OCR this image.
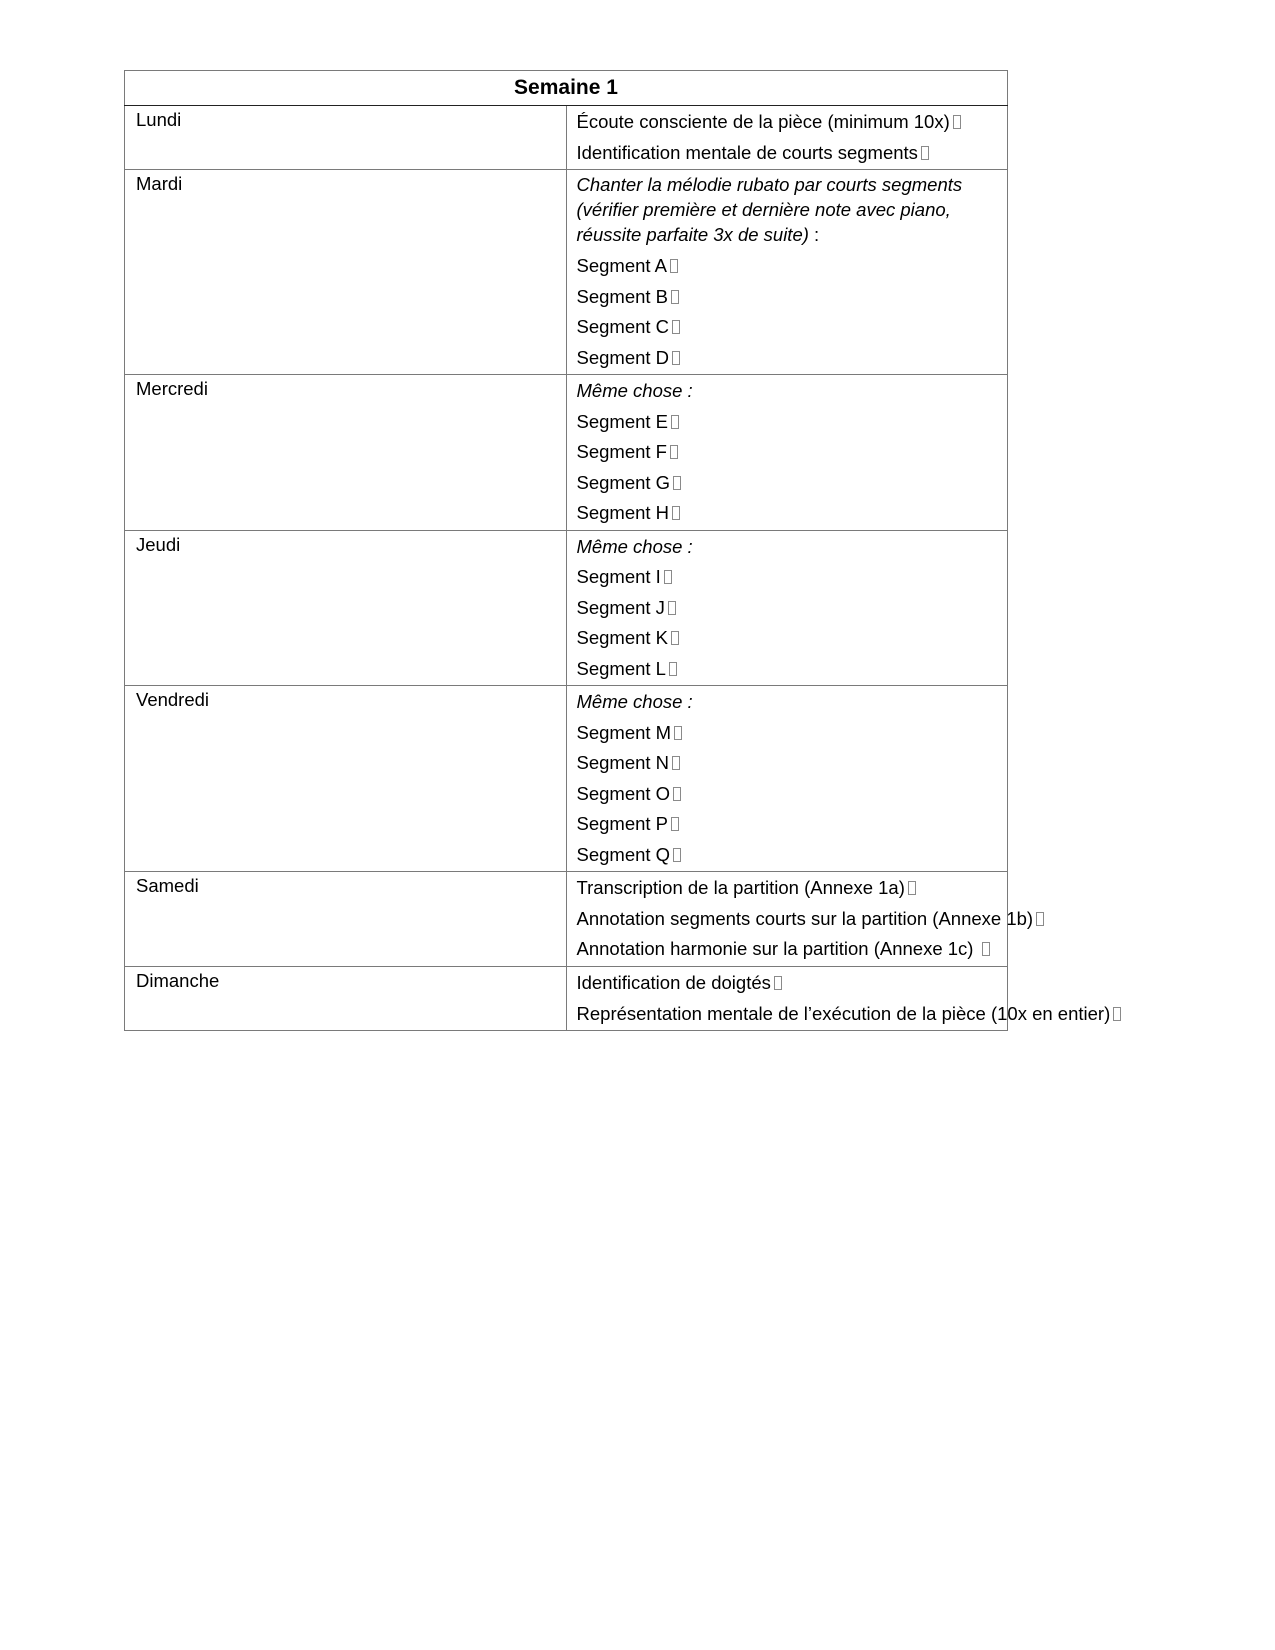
Semaine 1	
Lundi	Écoute consciente de la pièce (minimum 10x)
Identification mentale de courts segments

Mardi	Chanter la mélodie rubato par courts segments (vérifier première et dernière note avec piano, réussite parfaite 3x de suite) :
Segment A
Segment B
Segment C
Segment D

Mercredi	Même chose :
Segment E
Segment F
Segment G
Segment H

Jeudi	Même chose :
Segment I
Segment J
Segment K
Segment L

Vendredi	Même chose :
Segment M
Segment N
Segment O
Segment P
Segment Q

Samedi	Transcription de la partition (Annexe 1a)
Annotation segments courts sur la partition (Annexe 1b)
Annotation harmonie sur la partition (Annexe 1c)

Dimanche	Identification de doigtés
Représentation mentale de l’exécution de la pièce (10x en entier)
